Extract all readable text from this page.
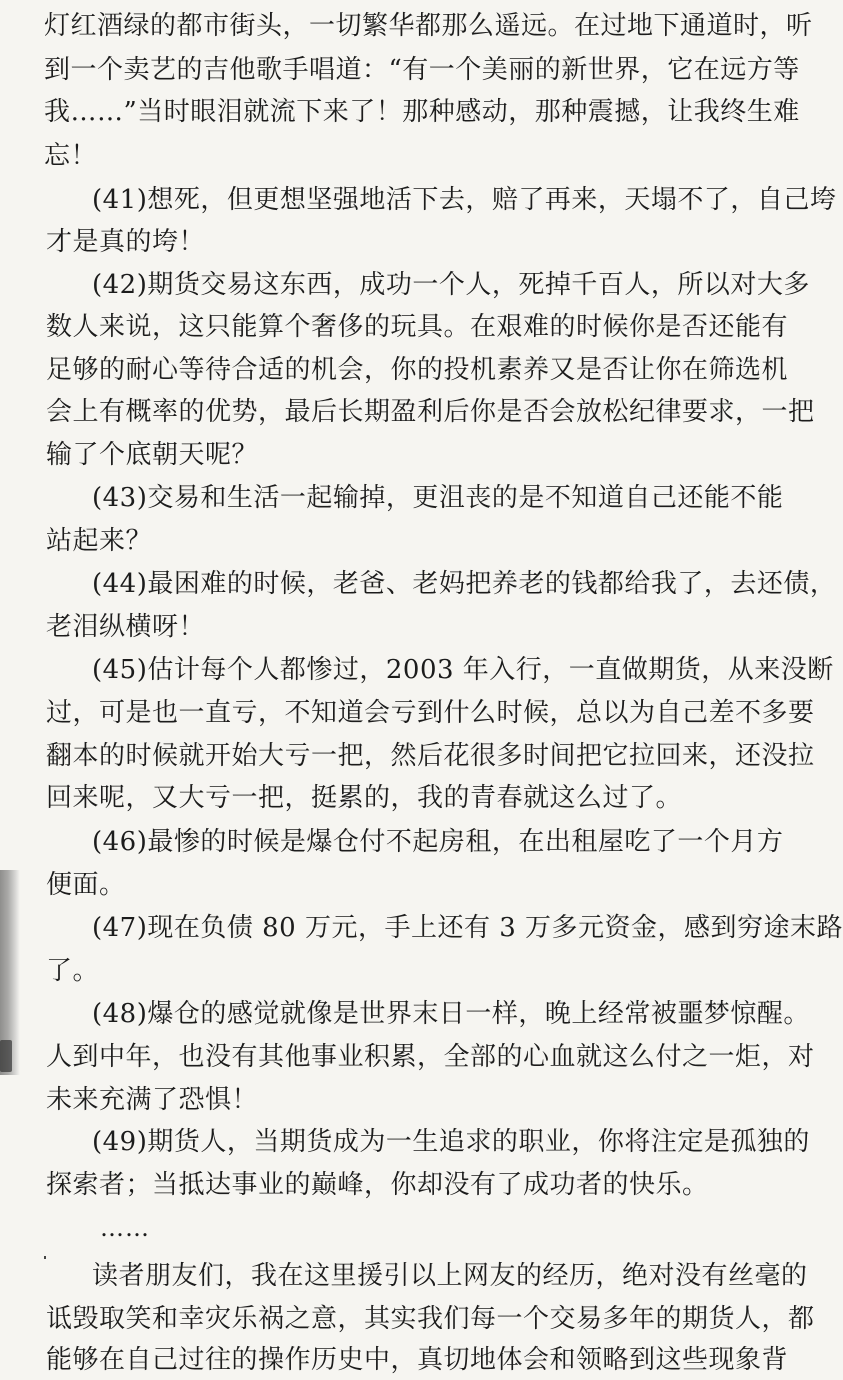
灯红酒绿的都市街头，一切繁华都那么遥远。在过地下通道时，听
到一个卖艺的吉他歌手唱道：“有一个美丽的新世界，它在远方等
我……”当时眼泪就流下来了！那种感动，那种震撼，让我终生难
忘！
(41)想死，但更想坚强地活下去，赔了再来，天塌不了，自己垮
才是真的垮！
(42)期货交易这东西，成功一个人，死掉千百人，所以对大多
数人来说，这只能算个奢侈的玩具。在艰难的时候你是否还能有
足够的耐心等待合适的机会，你的投机素养又是否让你在筛选机
会上有概率的优势，最后长期盈利后你是否会放松纪律要求，一把
输了个底朝天呢？
(43)交易和生活一起输掉，更沮丧的是不知道自己还能不能
站起来？
(44)最困难的时候，老爸、老妈把养老的钱都给我了，去还债，
老泪纵横呀！
(45)估计每个人都惨过，2003 年入行，一直做期货，从来没断
过，可是也一直亏，不知道会亏到什么时候，总以为自己差不多要
翻本的时候就开始大亏一把，然后花很多时间把它拉回来，还没拉
回来呢，又大亏一把，挺累的，我的青春就这么过了。
(46)最惨的时候是爆仓付不起房租，在出租屋吃了一个月方
便面。
(47)现在负债 80 万元，手上还有 3 万多元资金，感到穷途末路
了。
(48)爆仓的感觉就像是世界末日一样，晚上经常被噩梦惊醒。
人到中年，也没有其他事业积累，全部的心血就这么付之一炬，对
未来充满了恐惧！
(49)期货人，当期货成为一生追求的职业，你将注定是孤独的
探索者；当抵达事业的巅峰，你却没有了成功者的快乐。
……
读者朋友们，我在这里援引以上网友的经历，绝对没有丝毫的
诋毁取笑和幸灾乐祸之意，其实我们每一个交易多年的期货人，都
能够在自己过往的操作历史中，真切地体会和领略到这些现象背
